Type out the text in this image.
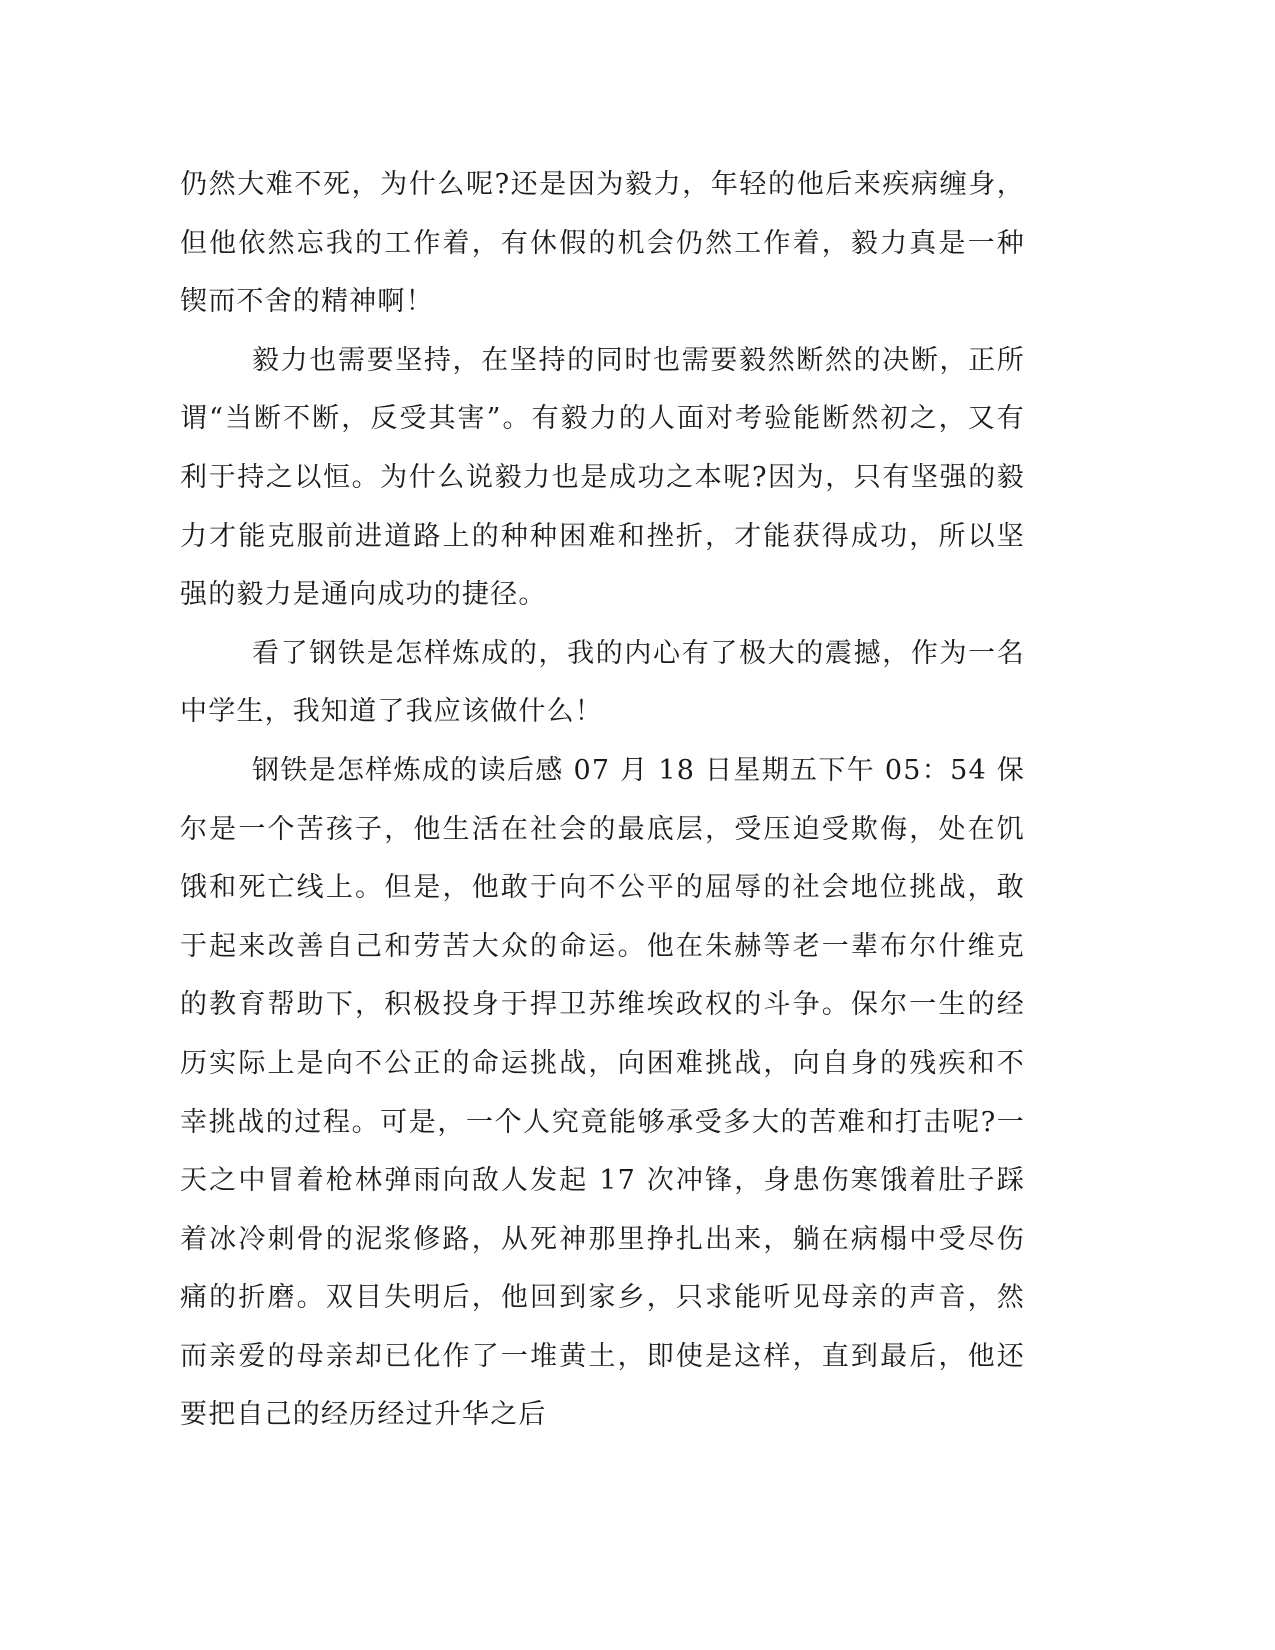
仍然大难不死，为什么呢?还是因为毅力，年轻的他后来疾病缠身，但他依然忘我的工作着，有休假的机会仍然工作着，毅力真是一种锲而不舍的精神啊！

毅力也需要坚持，在坚持的同时也需要毅然断然的决断，正所谓“当断不断，反受其害”。有毅力的人面对考验能断然初之，又有利于持之以恒。为什么说毅力也是成功之本呢?因为，只有坚强的毅力才能克服前进道路上的种种困难和挫折，才能获得成功，所以坚强的毅力是通向成功的捷径。

看了钢铁是怎样炼成的，我的内心有了极大的震撼，作为一名中学生，我知道了我应该做什么！

钢铁是怎样炼成的读后感 07 月 18 日星期五下午 05：54 保尔是一个苦孩子，他生活在社会的最底层，受压迫受欺侮，处在饥饿和死亡线上。但是，他敢于向不公平的屈辱的社会地位挑战，敢于起来改善自己和劳苦大众的命运。他在朱赫等老一辈布尔什维克的教育帮助下，积极投身于捍卫苏维埃政权的斗争。保尔一生的经历实际上是向不公正的命运挑战，向困难挑战，向自身的残疾和不幸挑战的过程。可是，一个人究竟能够承受多大的苦难和打击呢?一天之中冒着枪林弹雨向敌人发起 17 次冲锋，身患伤寒饿着肚子踩着冰冷刺骨的泥浆修路，从死神那里挣扎出来，躺在病榻中受尽伤痛的折磨。双目失明后，他回到家乡，只求能听见母亲的声音，然而亲爱的母亲却已化作了一堆黄土，即使是这样，直到最后，他还要把自己的经历经过升华之后
